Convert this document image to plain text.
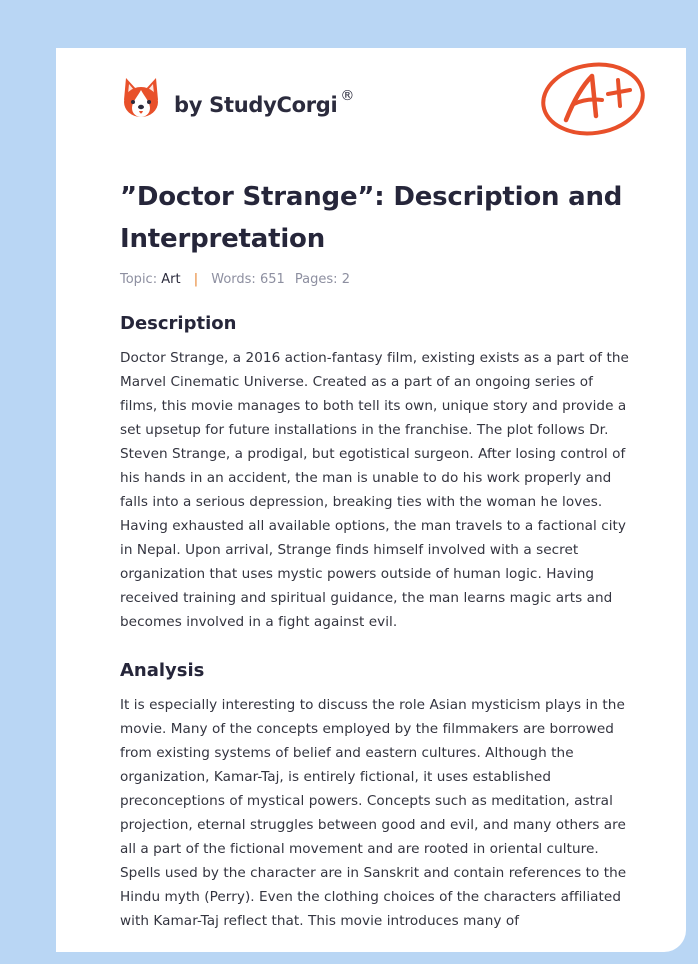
by StudyCorgi ®
”Doctor Strange”: Description and Interpretation
Topic: Art | Words: 651 Pages: 2
Description

Doctor Strange, a 2016 action-fantasy film, existing exists as a part of the Marvel Cinematic Universe. Created as a part of an ongoing series of films, this movie manages to both tell its own, unique story and provide a set upsetup for future installations in the franchise. The plot follows Dr. Steven Strange, a prodigal, but egotistical surgeon. After losing control of his hands in an accident, the man is unable to do his work properly and falls into a serious depression, breaking ties with the woman he loves. Having exhausted all available options, the man travels to a factional city in Nepal. Upon arrival, Strange finds himself involved with a secret organization that uses mystic powers outside of human logic. Having received training and spiritual guidance, the man learns magic arts and becomes involved in a fight against evil.

Analysis

It is especially interesting to discuss the role Asian mysticism plays in the movie. Many of the concepts employed by the filmmakers are borrowed from existing systems of belief and eastern cultures. Although the organization, Kamar-Taj, is entirely fictional, it uses established preconceptions of mystical powers. Concepts such as meditation, astral projection, eternal struggles between good and evil, and many others are all a part of the fictional movement and are rooted in oriental culture. Spells used by the character are in Sanskrit and contain references to the Hindu myth (Perry). Even the clothing choices of the characters affiliated with Kamar-Taj reflect that. This movie introduces many of
